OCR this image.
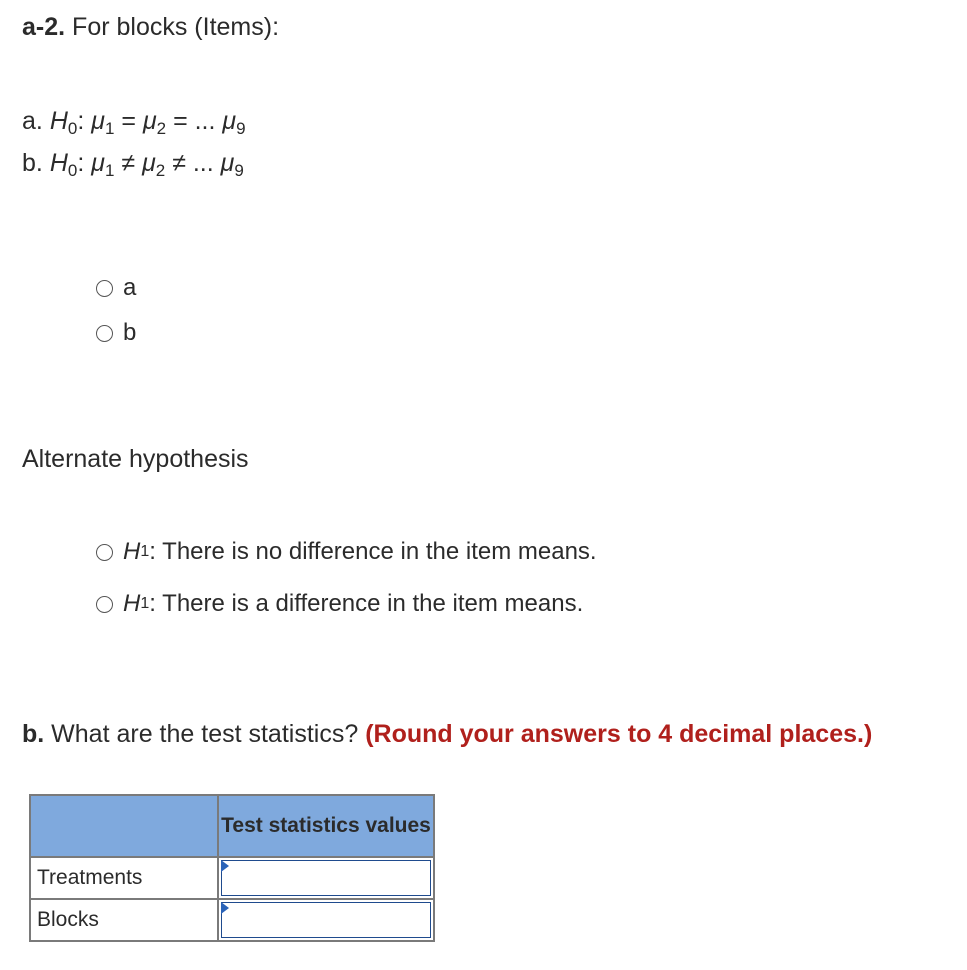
a-2. For blocks (Items):
a. $H_0$: $\mu_1 = \mu_2$ = ... $\mu_9$
b. $H_0$: $\mu_1 \ne \mu_2$ ≠ ... $\mu_9$
a
b
Alternate hypothesis
H 1 : There is no difference in the item means.
H 1 : There is a difference in the item means.
b. What are the test statistics? (Round your answers to 4 decimal places.)
	Test statistics values
Treatments	

Blocks	
